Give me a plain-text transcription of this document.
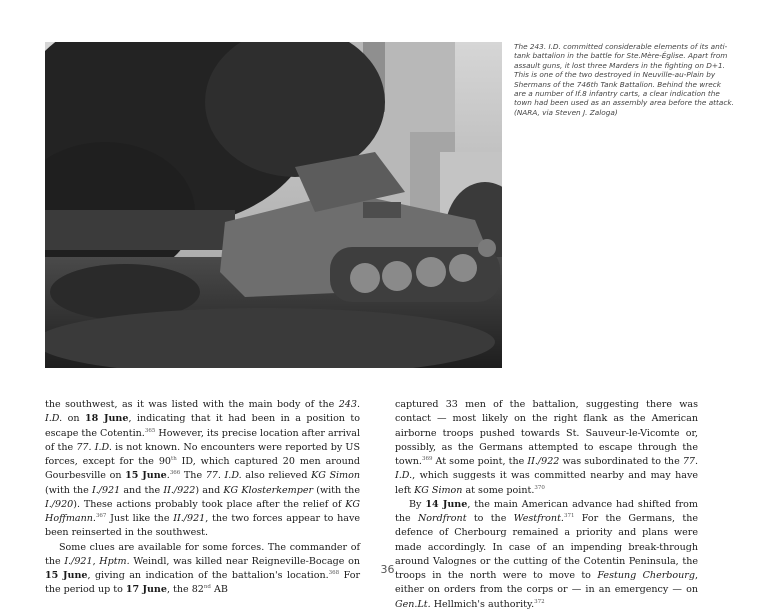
The 243. I.D. committed considerable elements of its anti-
tank battalion in the battle for Ste.Mère-Église. Apart from
assault guns, it lost three Marders in the fighting on D+1.
This is one of the two destroyed in Neuville-au-Plain by
Shermans of the 746th Tank Battalion. Behind the wreck
are a number of If.8 infantry carts, a clear indication the
town had been used as an assembly area before the attack.
(NARA, via Steven J. Zaloga)

the southwest, as it was listed with the main body of the 243. I.D. on 18 June, indicating that it had been in a position to escape the Cotentin.$^{365}$ However, its precise location after arrival of the 77. I.D. is not known. No encounters were reported by US forces, except for the 90th ID, which captured 20 men around Gourbesville on 15 June.$^{366}$ The 77. I.D. also relieved KG Simon (with the I./921 and the II./922) and KG Klosterkemper (with the I./920). These actions probably took place after the relief of KG Hoffmann.$^{367}$ Just like the II./921, the two forces appear to have been reinserted in the southwest.

Some clues are available for some forces. The commander of the I./921, Hptm. Weindl, was killed near Reigneville-Bocage on 15 June, giving an indication of the battalion's location.$^{368}$ For the period up to 17 June, the 82nd AB

captured 33 men of the battalion, suggesting there was contact — most likely on the right flank as the American airborne troops pushed towards St. Sauveur-le-Vicomte or, possibly, as the Germans attempted to escape through the town.$^{369}$ At some point, the II./922 was subordinated to the 77. I.D., which suggests it was committed nearby and may have left KG Simon at some point.$^{370}$

By 14 June, the main American advance had shifted from the Nordfront to the Westfront.$^{371}$ For the Germans, the defence of Cherbourg remained a priority and plans were made accordingly. In case of an impending break-through around Valognes or the cutting of the Cotentin Peninsula, the troops in the north were to move to Festung Cherbourg, either on orders from the corps or — in an emergency — on Gen.Lt. Hellmich's authority.$^{372}$

36
